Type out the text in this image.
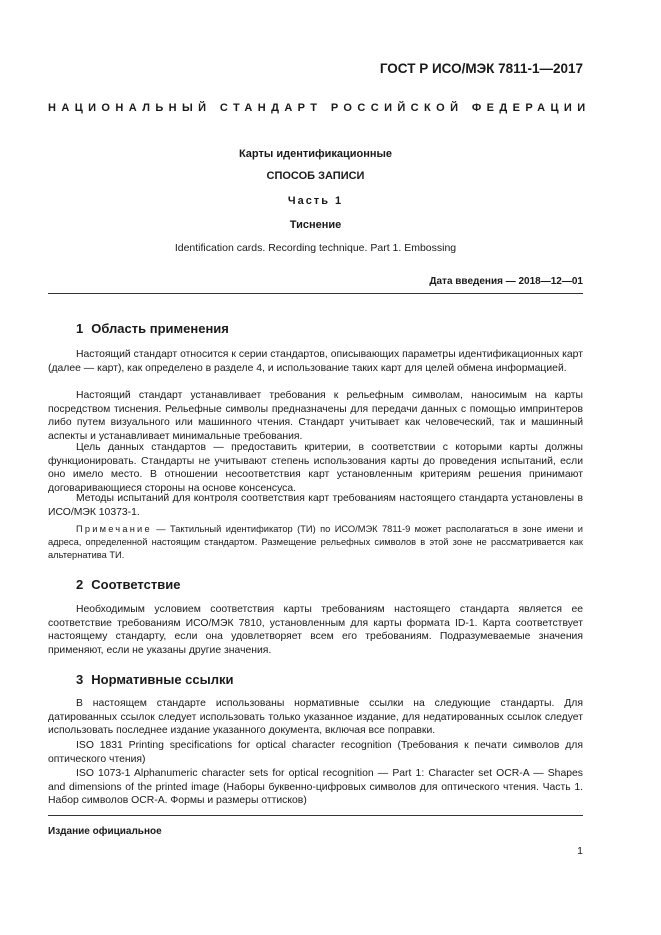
ГОСТ Р ИСО/МЭК 7811-1—2017
НАЦИОНАЛЬНЫЙ СТАНДАРТ РОССИЙСКОЙ ФЕДЕРАЦИИ
Карты идентификационные
СПОСОБ ЗАПИСИ
Часть 1
Тиснение
Identification cards. Recording technique. Part 1. Embossing
Дата введения — 2018—12—01
1 Область применения

Настоящий стандарт относится к серии стандартов, описывающих параметры идентификационных карт (далее — карт), как определено в разделе 4, и использование таких карт для целей обмена информацией.

Настоящий стандарт устанавливает требования к рельефным символам, наносимым на карты посредством тиснения. Рельефные символы предназначены для передачи данных с помощью импринтеров либо путем визуального или машинного чтения. Стандарт учитывает как человеческий, так и машинный аспекты и устанавливает минимальные требования.

Цель данных стандартов — предоставить критерии, в соответствии с которыми карты должны функционировать. Стандарты не учитывают степень использования карты до проведения испытаний, если оно имело место. В отношении несоответствия карт установленным критериям решения принимают договаривающиеся стороны на основе консенсуса.

Методы испытаний для контроля соответствия карт требованиям настоящего стандарта установлены в ИСО/МЭК 10373-1.

Примечание — Тактильный идентификатор (ТИ) по ИСО/МЭК 7811-9 может располагаться в зоне имени и адреса, определенной настоящим стандартом. Размещение рельефных символов в этой зоне не рассматривается как альтернатива ТИ.

2 Соответствие

Необходимым условием соответствия карты требованиям настоящего стандарта является ее соответствие требованиям ИСО/МЭК 7810, установленным для карты формата ID-1. Карта соответствует настоящему стандарту, если она удовлетворяет всем его требованиям. Подразумеваемые значения применяют, если не указаны другие значения.

3 Нормативные ссылки

В настоящем стандарте использованы нормативные ссылки на следующие стандарты. Для датированных ссылок следует использовать только указанное издание, для недатированных ссылок следует использовать последнее издание указанного документа, включая все поправки.

ISO 1831 Printing specifications for optical character recognition (Требования к печати символов для оптического чтения)

ISO 1073-1 Alphanumeric character sets for optical recognition — Part 1: Character set OCR-A — Shapes and dimensions of the printed image (Наборы буквенно-цифровых символов для оптического чтения. Часть 1. Набор символов OCR-A. Формы и размеры оттисков)

Издание официальное
1
